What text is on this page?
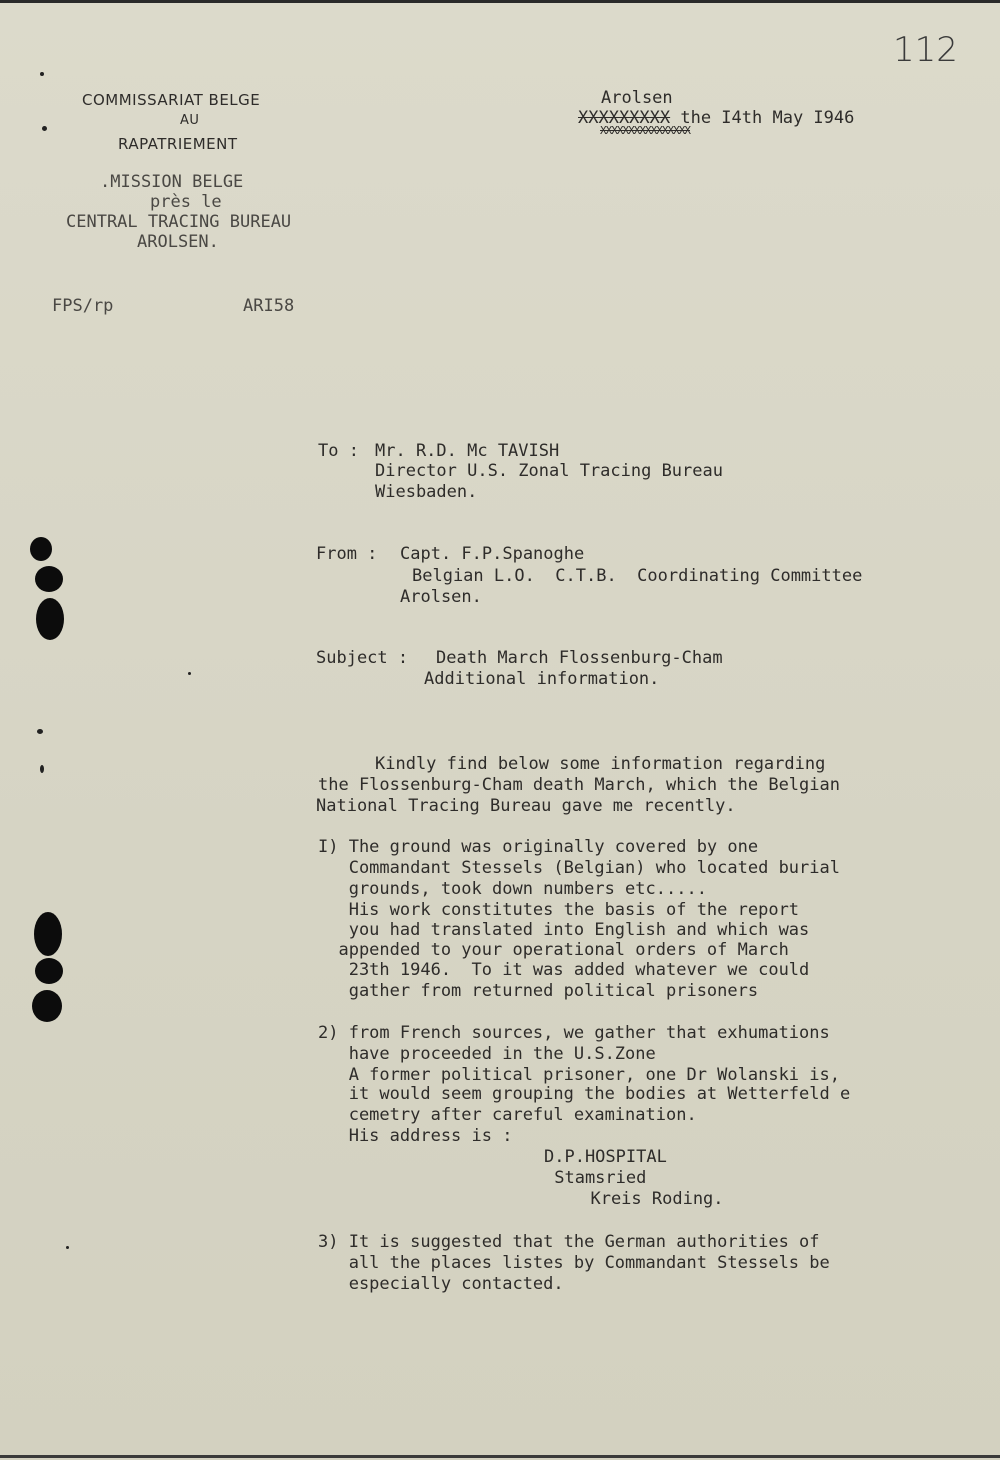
112
COMMISSARIAT BELGE
AU
RAPATRIEMENT
.MISSION BELGE
près le
CENTRAL TRACING BUREAU
AROLSEN.
Arolsen
XXXXXXXXX the I4th May I946
XXXXXXXXXXXXXXXX
FPS/rp	ARI58
To : Mr. R.D. Mc TAVISH
Director U.S. Zonal Tracing Bureau
Wiesbaden.
From : Capt. F.P.Spanoghe
Belgian L.O.  C.T.B.  Coordinating Committee
Arolsen.
Subject : Death March Flossenburg-Cham
Additional information.
Kindly find below some information regarding
the Flossenburg-Cham death March, which the Belgian
National Tracing Bureau gave me recently.
I) The ground was originally covered by one
Commandant Stessels (Belgian) who located burial
grounds, took down numbers etc.....
His work constitutes the basis of the report
you had translated into English and which was
appended to your operational orders of March
23th 1946.  To it was added whatever we could
gather from returned political prisoners
2) from French sources, we gather that exhumations
have proceeded in the U.S.Zone
A former political prisoner, one Dr Wolanski is,
it would seem grouping the bodies at Wetterfeld e
cemetry after careful examination.
His address is :
D.P.HOSPITAL
Stamsried
Kreis Roding.
3) It is suggested that the German authorities of
all the places listes by Commandant Stessels be
especially contacted.
